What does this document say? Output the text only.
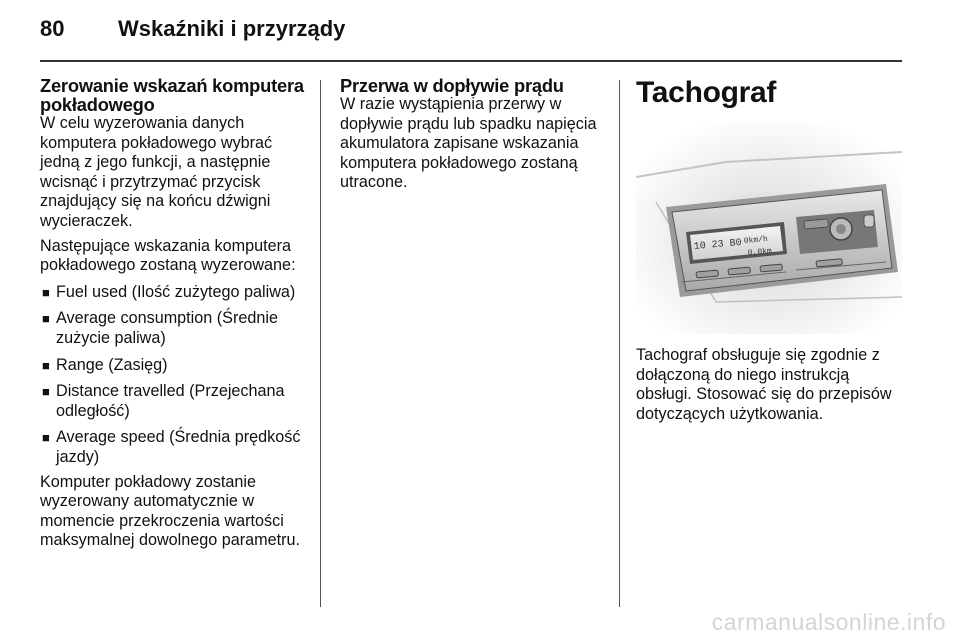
80 Wskaźniki i przyrządy
Zerowanie wskazań komputera pokładowego

W celu wyzerowania danych komputera pokładowego wybrać jedną z jego funkcji, a następnie wcisnąć i przytrzymać przycisk znajdujący się na końcu dźwigni wycieraczek.

Następujące wskazania komputera pokładowego zostaną wyzerowane:

■ Fuel used (Ilość zużytego paliwa)
■ Average consumption (Średnie zużycie paliwa)
■ Range (Zasięg)
■ Distance travelled (Przejechana odległość)
■ Average speed (Średnia prędkość jazdy)

Komputer pokładowy zostanie wyzerowany automatycznie w momencie przekroczenia wartości maksymalnej dowolnego parametru.

Przerwa w dopływie prądu

W razie wystąpienia przerwy w dopływie prądu lub spadku napięcia akumulatora zapisane wskazania komputera pokładowego zostaną utracone.

Tachograf
10 23 B0 0km/h
0,0km

Tachograf obsługuje się zgodnie z dołączoną do niego instrukcją obsługi. Stosować się do przepisów dotyczących użytkowania.

carmanualsonline.info
